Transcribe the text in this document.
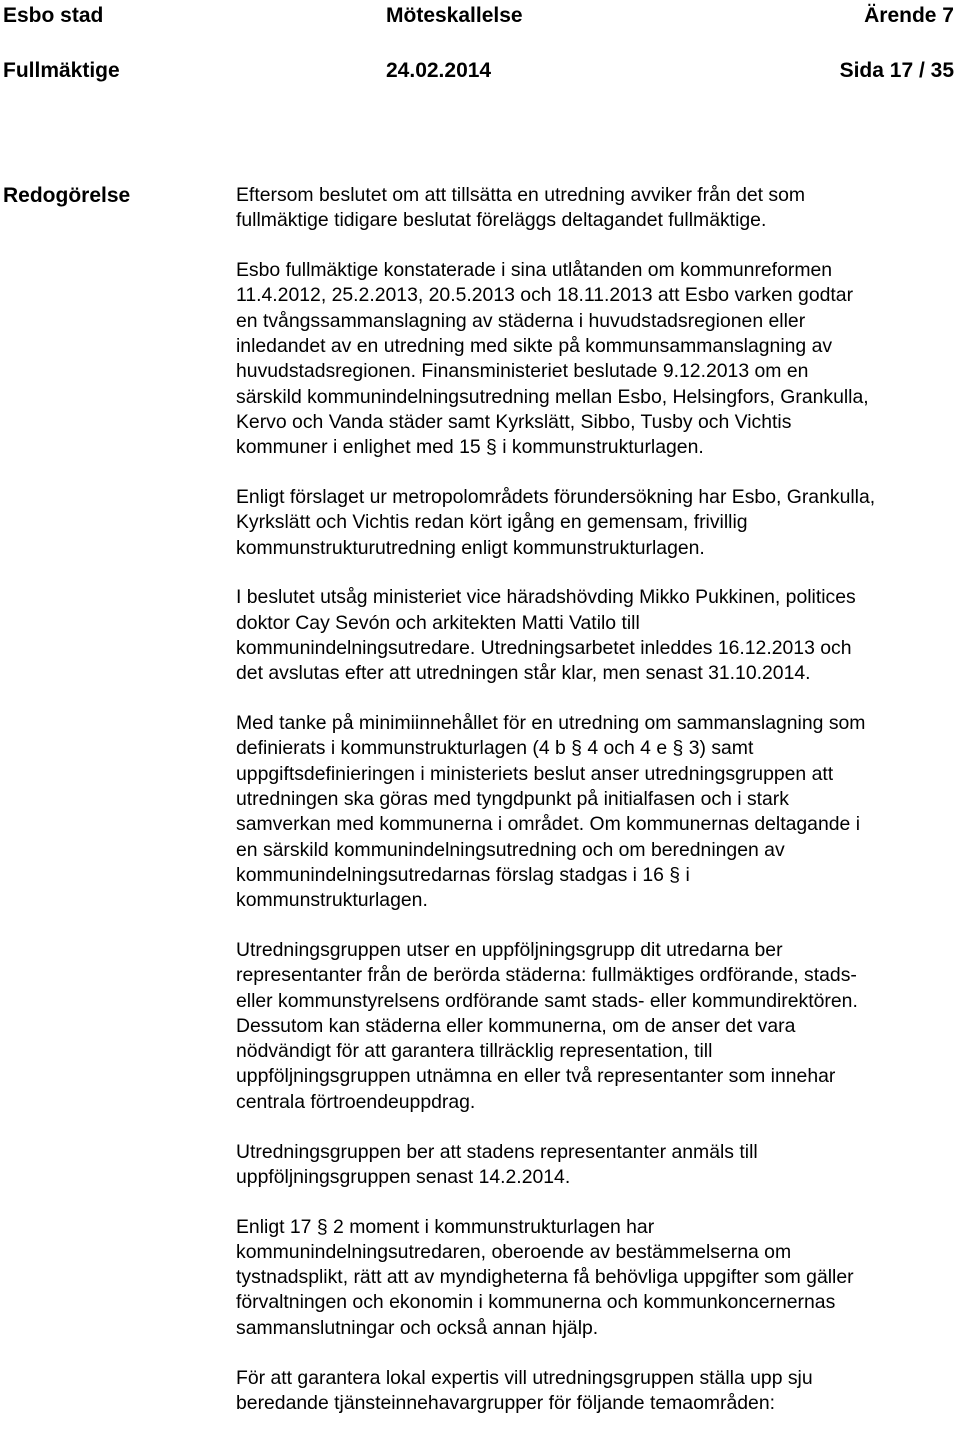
Esbo stad	Möteskallelse	Ärende 7
Fullmäktige	24.02.2014	Sida 17 / 35
Redogörelse	Eftersom beslutet om att tillsätta en utredning avviker från det som
fullmäktige tidigare beslutat föreläggs deltagandet fullmäktige.

Esbo fullmäktige konstaterade i sina utlåtanden om kommunreformen
11.4.2012, 25.2.2013, 20.5.2013 och 18.11.2013 att Esbo varken godtar
en tvångssammanslagning av städerna i huvudstadsregionen eller
inledandet av en utredning med sikte på kommunsammanslagning av
huvudstadsregionen. Finansministeriet beslutade 9.12.2013 om en
särskild kommunindelningsutredning mellan Esbo, Helsingfors, Grankulla,
Kervo och Vanda städer samt Kyrkslätt, Sibbo, Tusby och Vichtis
kommuner i enlighet med 15 § i kommunstrukturlagen.

Enligt förslaget ur metropolområdets förundersökning har Esbo, Grankulla,
Kyrkslätt och Vichtis redan kört igång en gemensam, frivillig
kommunstrukturutredning enligt kommunstrukturlagen.

I beslutet utsåg ministeriet vice häradshövding Mikko Pukkinen, politices
doktor Cay Sevón och arkitekten Matti Vatilo till
kommunindelningsutredare. Utredningsarbetet inleddes 16.12.2013 och
det avslutas efter att utredningen står klar, men senast 31.10.2014.

Med tanke på minimiinnehållet för en utredning om sammanslagning som
definierats i kommunstrukturlagen (4 b § 4 och 4 e § 3) samt
uppgiftsdefinieringen i ministeriets beslut anser utredningsgruppen att
utredningen ska göras med tyngdpunkt på initialfasen och i stark
samverkan med kommunerna i området. Om kommunernas deltagande i
en särskild kommunindelningsutredning och om beredningen av
kommunindelningsutredarnas förslag stadgas i 16 § i
kommunstrukturlagen.

Utredningsgruppen utser en uppföljningsgrupp dit utredarna ber
representanter från de berörda städerna: fullmäktiges ordförande, stads-
eller kommunstyrelsens ordförande samt stads- eller kommundirektören.
Dessutom kan städerna eller kommunerna, om de anser det vara
nödvändigt för att garantera tillräcklig representation, till
uppföljningsgruppen utnämna en eller två representanter som innehar
centrala förtroendeuppdrag.

Utredningsgruppen ber att stadens representanter anmäls till
uppföljningsgruppen senast 14.2.2014.

Enligt 17 § 2 moment i kommunstrukturlagen har
kommunindelningsutredaren, oberoende av bestämmelserna om
tystnadsplikt, rätt att av myndigheterna få behövliga uppgifter som gäller
förvaltningen och ekonomin i kommunerna och kommunkoncernernas
sammanslutningar och också annan hjälp.

För att garantera lokal expertis vill utredningsgruppen ställa upp sju
beredande tjänsteinnehavargrupper för följande temaområden:
